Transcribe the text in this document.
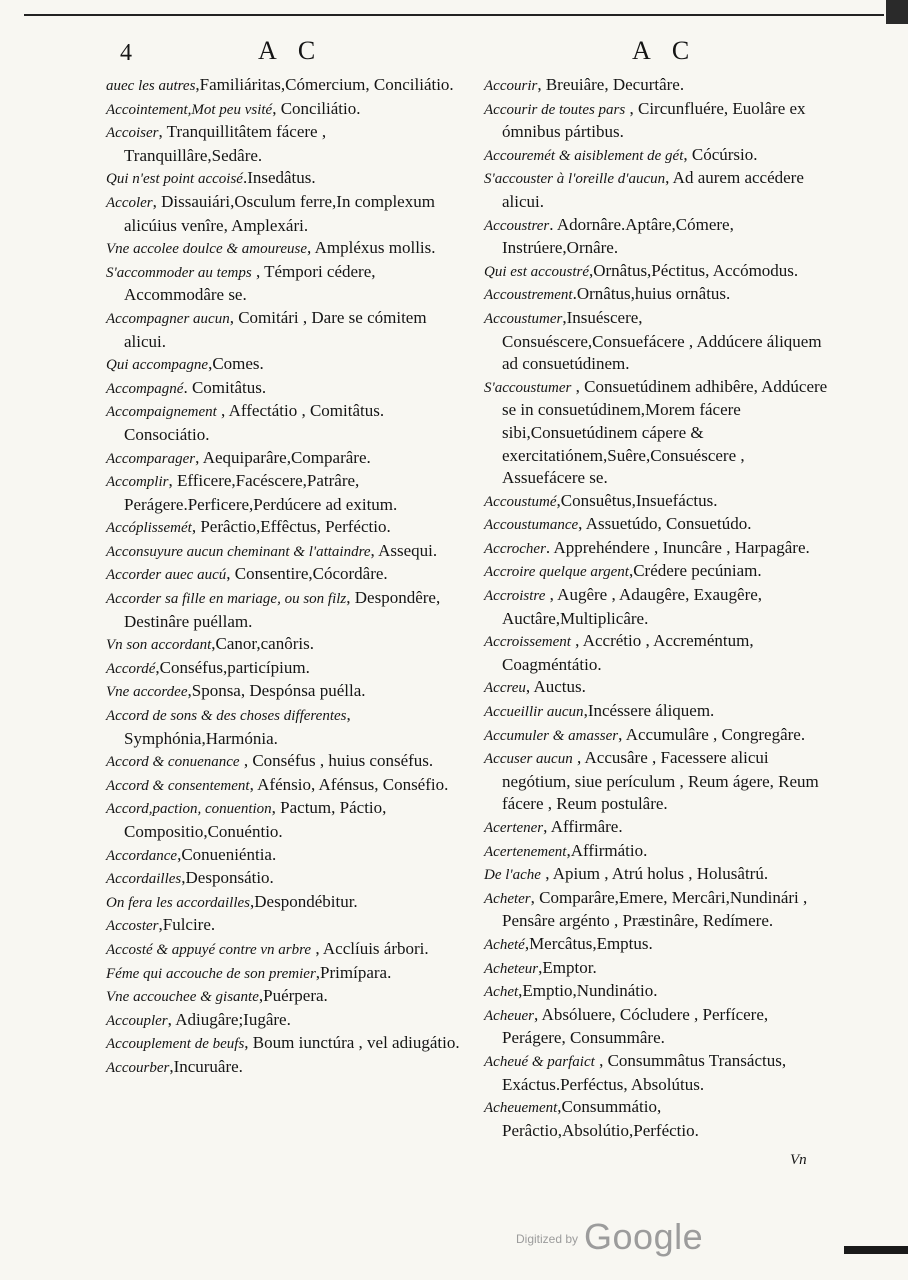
4	A C	A C

auec les autres,Familiáritas,Cómercium, Conciliátio.

Accointement,Mot peu vsité, Conciliátio.

Accoiser, Tranquillitâtem fácere , Tranquillâre,Sedâre.

Qui n'est point accoisé.Insedâtus.

Accoler, Dissauiári,Osculum ferre,In complexum alicúius venîre, Amplexári.

Vne accolee doulce & amoureuse, Ampléxus mollis.

S'accommoder au temps , Témpori cédere, Accommodâre se.

Accompagner aucun, Comitári , Dare se cómitem alicui.

Qui accompagne,Comes.

Accompagné. Comitâtus.

Accompaignement , Affectátio , Comitâtus. Consociátio.

Accomparager, Aequiparâre,Comparâre.

Accomplir, Efficere,Facéscere,Patrâre, Perágere.Perficere,Perdúcere ad exitum.

Accóplissemét, Perâctio,Effêctus, Perféctio.

Acconsuyure aucun cheminant & l'attaindre, Assequi.

Accorder auec aucú, Consentire,Cócordâre.

Accorder sa fille en mariage, ou son filz, Despondêre, Destinâre puéllam.

Vn son accordant,Canor,canôris.

Accordé,Conséfus,particípium.

Vne accordee,Sponsa, Despónsa puélla.

Accord de sons & des choses differentes, Symphónia,Harmónia.

Accord & conuenance , Conséfus , huius conséfus.

Accord & consentement, Afénsio, Afénsus, Conséfio.

Accord,paction, conuention, Pactum, Páctio, Compositio,Conuéntio.

Accordance,Conueniéntia.

Accordailles,Desponsátio.

On fera les accordailles,Despondébitur.

Accoster,Fulcire.

Accosté & appuyé contre vn arbre , Acclíuis árbori.

Féme qui accouche de son premier,Primípara.

Vne accouchee & gisante,Puérpera.

Accoupler, Adiugâre;Iugâre.

Accouplement de beufs, Boum iunctúra , vel adiugátio.

Accourber,Incuruâre.

Accourir, Breuiâre, Decurtâre.

Accourir de toutes pars , Circunfluére, Euolâre ex ómnibus pártibus.

Accouremét & aisiblement de gét, Cócúrsio.

S'accouster à l'oreille d'aucun, Ad aurem accédere alicui.

Accoustrer. Adornâre.Aptâre,Cómere, Instrúere,Ornâre.

Qui est accoustré,Ornâtus,Péctitus, Accómodus.

Accoustrement.Ornâtus,huius ornâtus.

Accoustumer,Insuéscere, Consuéscere,Consuefácere , Addúcere áliquem ad consuetúdinem.

S'accoustumer , Consuetúdinem adhibêre, Addúcere se in consuetúdinem,Morem fácere sibi,Consuetúdinem cápere & exercitatiónem,Suêre,Consuéscere , Assuefácere se.

Accoustumé,Consuêtus,Insuefáctus.

Accoustumance, Assuetúdo, Consuetúdo.

Accrocher. Apprehéndere , Inuncâre , Harpagâre.

Accroire quelque argent,Crédere pecúniam.

Accroistre , Augêre , Adaugêre, Exaugêre, Auctâre,Multiplicâre.

Accroissement , Accrétio , Accreméntum, Coagméntátio.

Accreu, Auctus.

Accueillir aucun,Incéssere áliquem.

Accumuler & amasser, Accumulâre , Congregâre.

Accuser aucun , Accusâre , Facessere alicui negótium, siue perículum , Reum ágere, Reum fácere , Reum postulâre.

Acertener, Affirmâre.

Acertenement,Affirmátio.

De l'ache , Apium , Atrú holus , Holusâtrú.

Acheter, Comparâre,Emere, Mercâri,Nundinári , Pensâre argénto , Præstinâre, Redímere.

Acheté,Mercâtus,Emptus.

Acheteur,Emptor.

Achet,Emptio,Nundinátio.

Acheuer, Absóluere, Cócludere , Perfícere, Perágere, Consummâre.

Acheué & parfaict , Consummâtus Transáctus, Exáctus.Perféctus, Absolútus.

Acheuement,Consummátio, Perâctio,Absolútio,Perféctio.

Vn
$^{Digitized by}$ Google
